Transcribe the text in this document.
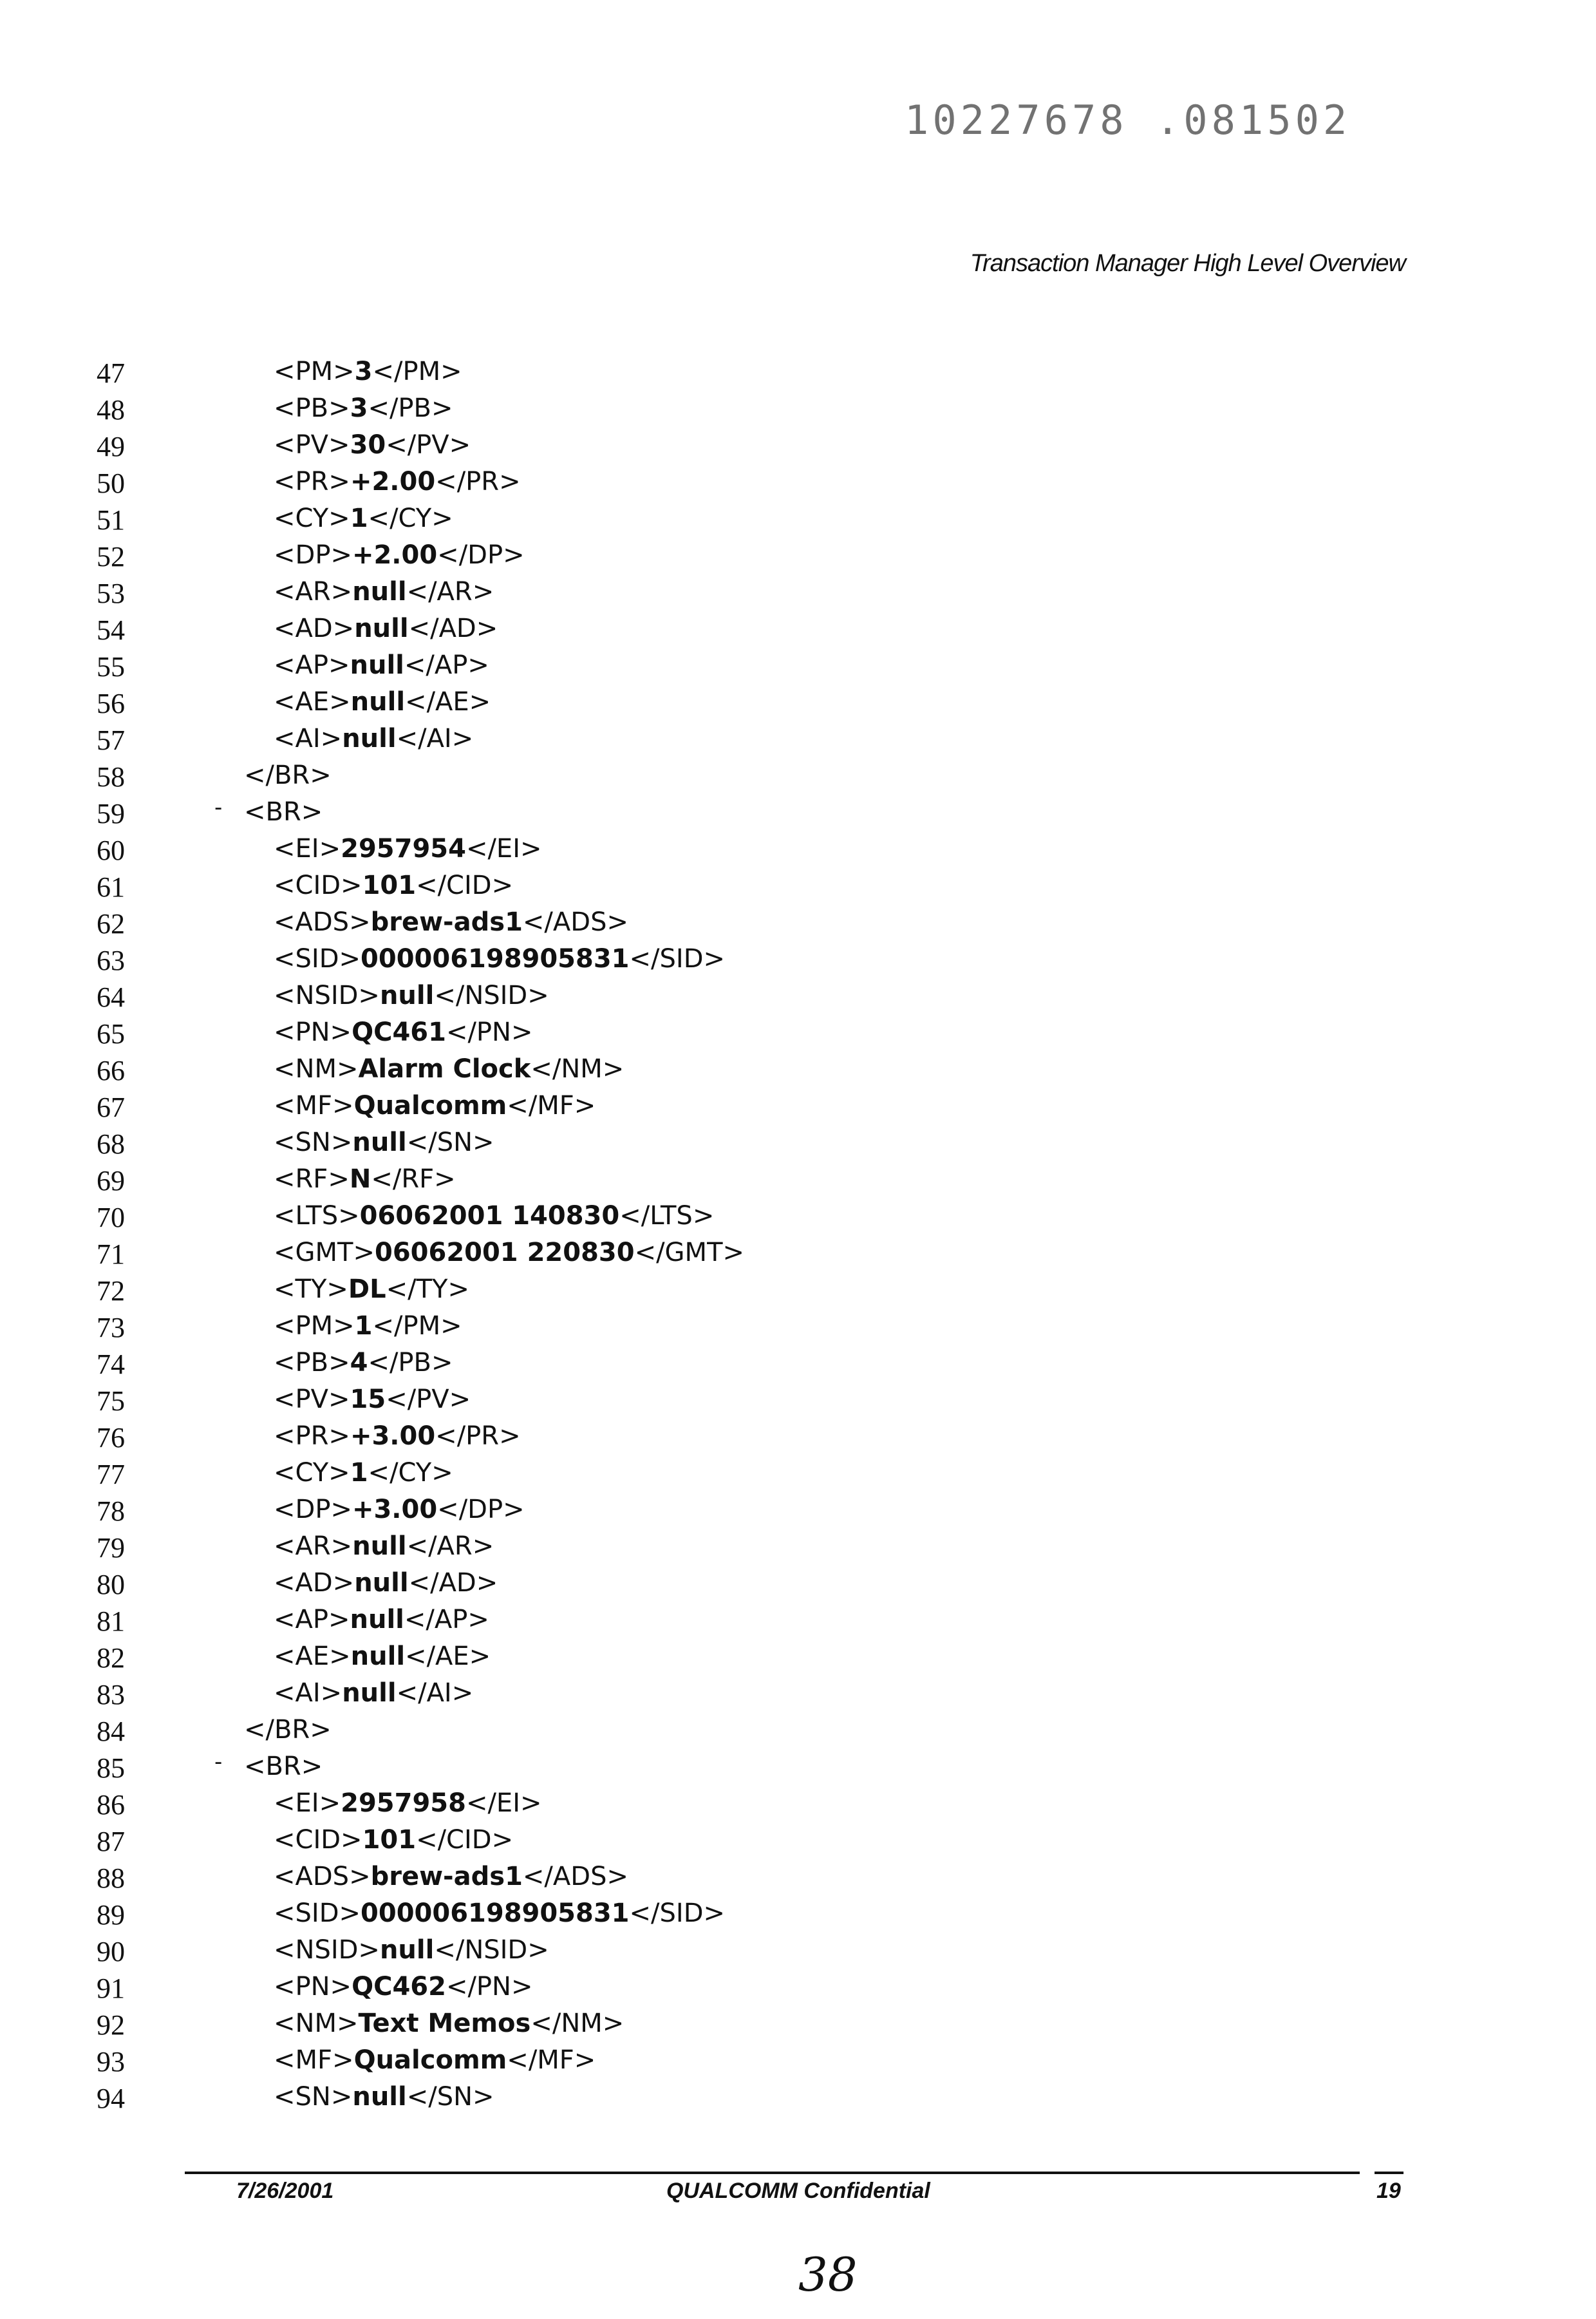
10227678 .081502
Transaction Manager High Level Overview
47	<PM>3</PM>
48	<PB>3</PB>
49	<PV>30</PV>
50	<PR>+2.00</PR>
51	<CY>1</CY>
52	<DP>+2.00</DP>
53	<AR>null</AR>
54	<AD>null</AD>
55	<AP>null</AP>
56	<AE>null</AE>
57	<AI>null</AI>
58	</BR>
59	- <BR>
60	<EI>2957954</EI>
61	<CID>101</CID>
62	<ADS>brew-ads1</ADS>
63	<SID>000006198905831</SID>
64	<NSID>null</NSID>
65	<PN>QC461</PN>
66	<NM>Alarm Clock</NM>
67	<MF>Qualcomm</MF>
68	<SN>null</SN>
69	<RF>N</RF>
70	<LTS>06062001 140830</LTS>
71	<GMT>06062001 220830</GMT>
72	<TY>DL</TY>
73	<PM>1</PM>
74	<PB>4</PB>
75	<PV>15</PV>
76	<PR>+3.00</PR>
77	<CY>1</CY>
78	<DP>+3.00</DP>
79	<AR>null</AR>
80	<AD>null</AD>
81	<AP>null</AP>
82	<AE>null</AE>
83	<AI>null</AI>
84	</BR>
85	- <BR>
86	<EI>2957958</EI>
87	<CID>101</CID>
88	<ADS>brew-ads1</ADS>
89	<SID>000006198905831</SID>
90	<NSID>null</NSID>
91	<PN>QC462</PN>
92	<NM>Text Memos</NM>
93	<MF>Qualcomm</MF>
94	<SN>null</SN>
7/26/2001	QUALCOMM Confidential	19
38
